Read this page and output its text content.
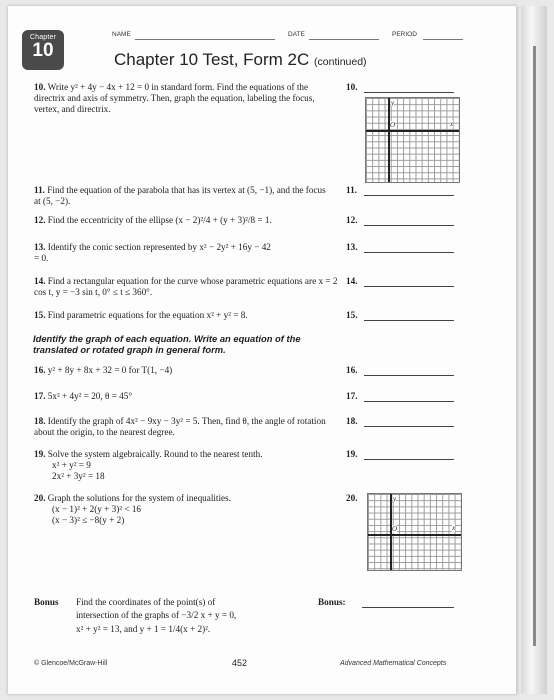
NAME	DATE	PERIOD
Chapter
10	Chapter 10 Test, Form 2C (continued)
10. Write y² + 4y − 4x + 12 = 0 in standard form. Find the equations of the directrix and axis of symmetry. Then, graph the equation, labeling the focus, vertex, and directrix.
10.
y
x
O
11. Find the equation of the parabola that has its vertex at (5, −1), and the focus at (5, −2).
11.
12. Find the eccentricity of the ellipse (x − 2)²/4 + (y + 3)²/8 = 1.	12.
13. Identify the conic section represented by x² − 2y² + 16y − 42 = 0.
13.
14. Find a rectangular equation for the curve whose parametric equations are x = 2 cos t, y = −3 sin t, 0° ≤ t ≤ 360°.
14.
15. Find parametric equations for the equation x² + y² = 8.	15.
Identify the graph of each equation. Write an equation of the translated or rotated graph in general form.
16. y² + 8y + 8x + 32 = 0 for T(1, −4)	16.
17. 5x² + 4y² = 20, θ = 45°	17.
18. Identify the graph of 4x² − 9xy − 3y² = 5. Then, find θ, the angle of rotation about the origin, to the nearest degree.
18.
19. Solve the system algebraically. Round to the nearest tenth.
x² + y² = 9
2x² + 3y² = 18
19.
20. Graph the solutions for the system of inequalities.
(x − 1)² + 2(y + 3)² < 16
(x − 3)² ≤ −8(y + 2)
20.	y
x
O
Bonus Find the coordinates of the point(s) of
intersection of the graphs of −3/2 x + y = 0,
x² + y² = 13, and y + 1 = 1/4(x + 2)².
Bonus:
© Glencoe/McGraw-Hill	452	Advanced Mathematical Concepts
